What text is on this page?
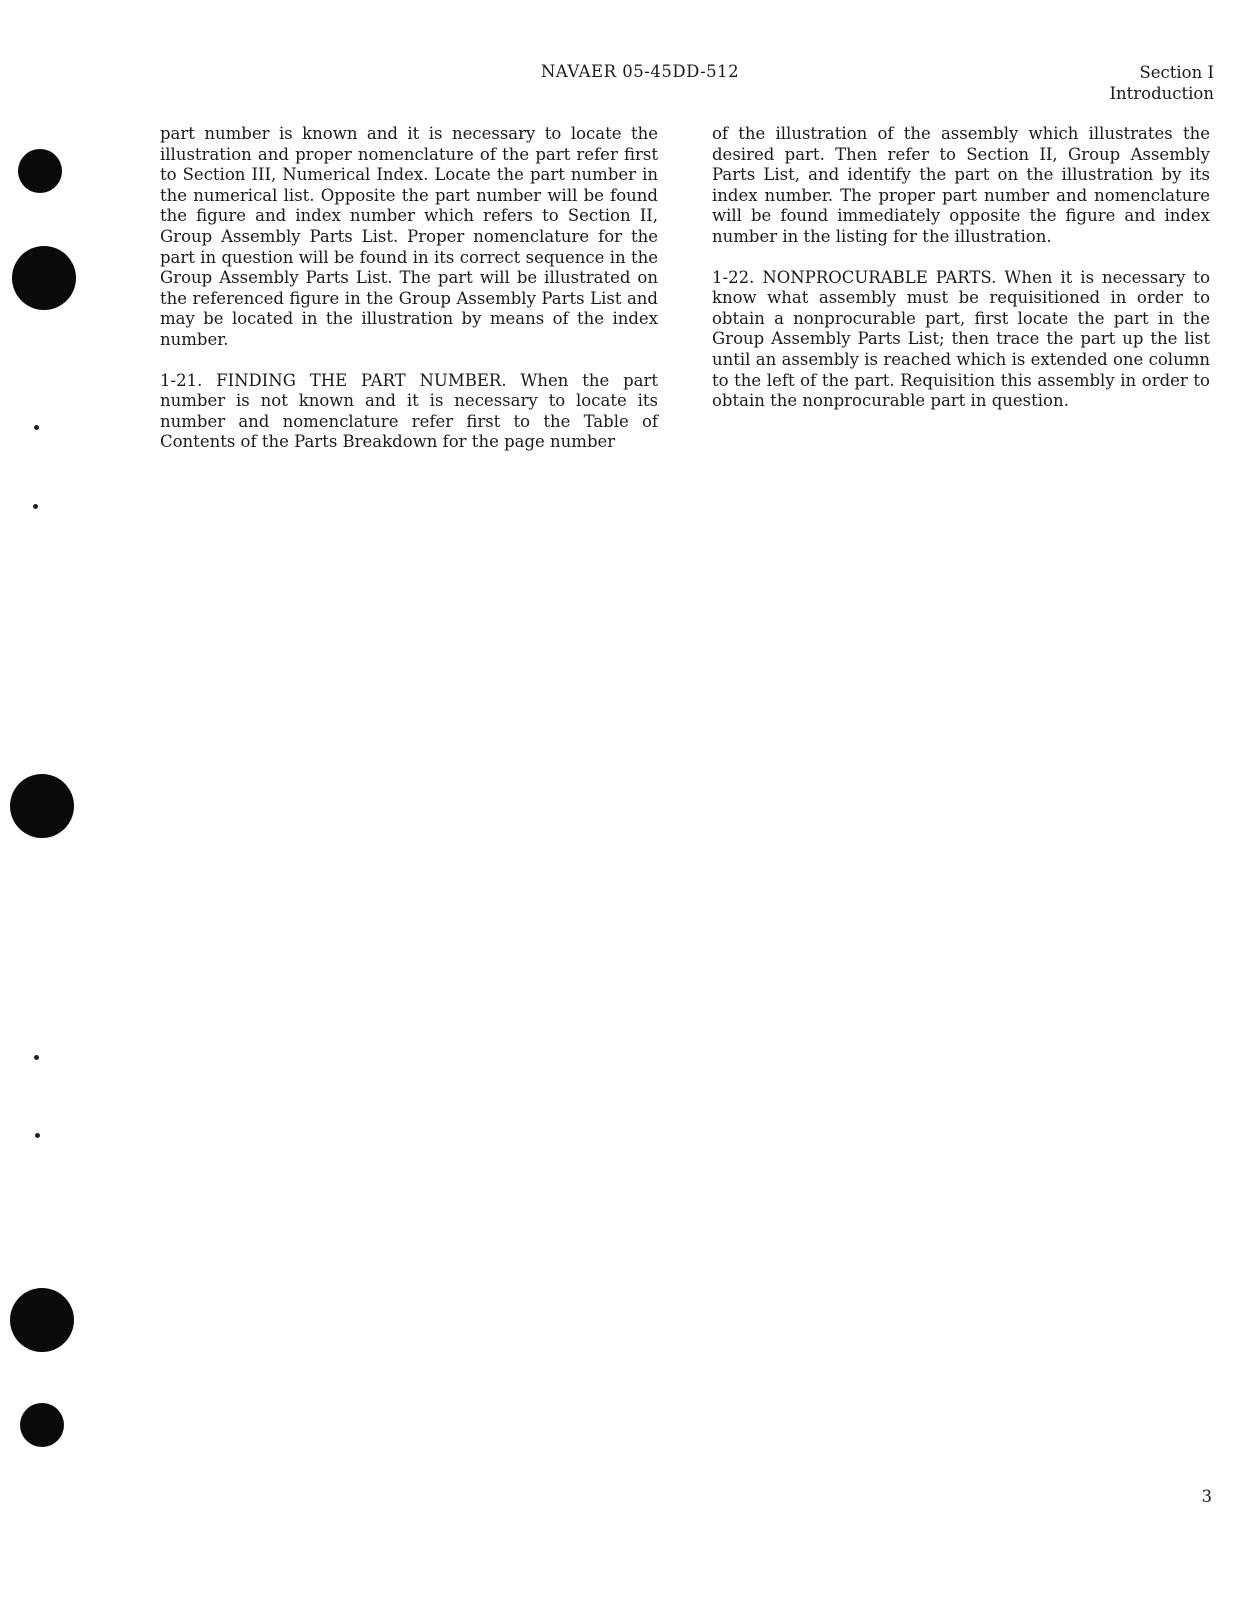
NAVAER 05-45DD-512	Section I
Introduction

part number is known and it is necessary to locate the illustration and proper nomenclature of the part refer first to Section III, Numerical Index. Locate the part number in the numerical list. Opposite the part number will be found the figure and index number which refers to Section II, Group Assembly Parts List. Proper nomenclature for the part in question will be found in its correct sequence in the Group Assembly Parts List. The part will be illustrated on the referenced figure in the Group Assembly Parts List and may be located in the illustration by means of the index number.

1-21. FINDING THE PART NUMBER. When the part number is not known and it is necessary to locate its number and nomenclature refer first to the Table of Contents of the Parts Breakdown for the page number

of the illustration of the assembly which illustrates the desired part. Then refer to Section II, Group Assembly Parts List, and identify the part on the illustration by its index number. The proper part number and nomenclature will be found immediately opposite the figure and index number in the listing for the illustration.

1-22. NONPROCURABLE PARTS. When it is necessary to know what assembly must be requisitioned in order to obtain a nonprocurable part, first locate the part in the Group Assembly Parts List; then trace the part up the list until an assembly is reached which is extended one column to the left of the part. Requisition this assembly in order to obtain the nonprocurable part in question.

3
